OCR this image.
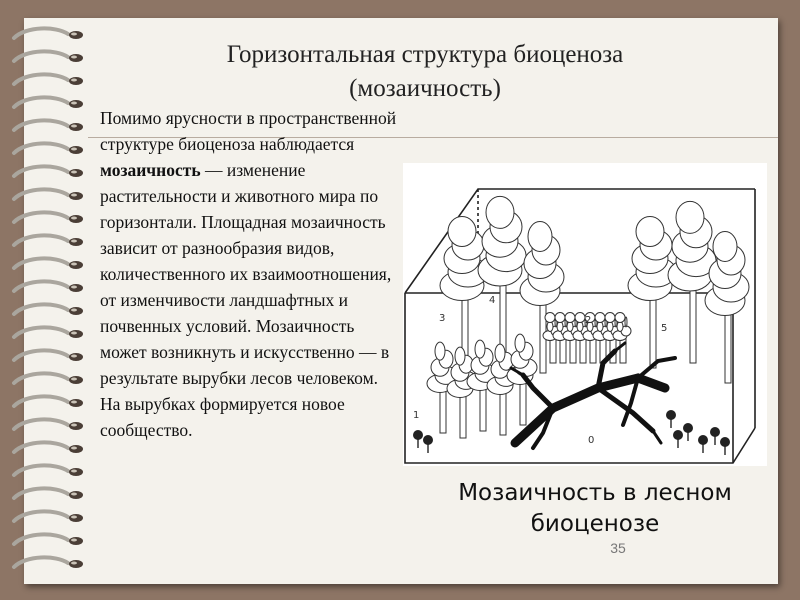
Горизонтальная структура биоценоза
(мозаичность)
Помимо ярусности в пространственной структуре биоценоза наблюдается мозаичность — изменение растительности и животного мира по горизонтали. Площадная мозаичность зависит от разнообразия видов, количественного их взаимоотношения, от изменчивости ландшафтных и почвенных условий. Мозаичность может возникнуть и искусственно — в результате вырубки лесов человеком. На вырубках формируется новое сообщество.
3
4
2
5
1
0
Мозаичность в лесном
биоценозе
35
